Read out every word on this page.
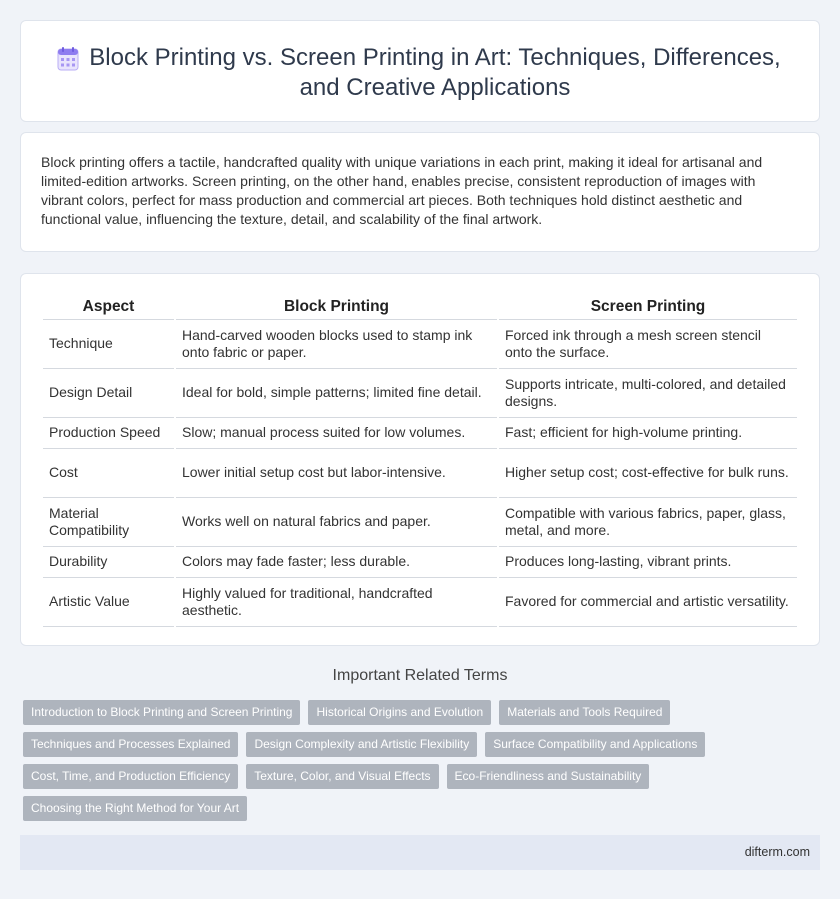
Block Printing vs. Screen Printing in Art: Techniques, Differences, and Creative Applications

Block printing offers a tactile, handcrafted quality with unique variations in each print, making it ideal for artisanal and limited-edition artworks. Screen printing, on the other hand, enables precise, consistent reproduction of images with vibrant colors, perfect for mass production and commercial art pieces. Both techniques hold distinct aesthetic and functional value, influencing the texture, detail, and scalability of the final artwork.

Aspect	Block Printing	Screen Printing
Technique	Hand-carved wooden blocks used to stamp ink onto fabric or paper.	Forced ink through a mesh screen stencil onto the surface.
Design Detail	Ideal for bold, simple patterns; limited fine detail.	Supports intricate, multi-colored, and detailed designs.
Production Speed	Slow; manual process suited for low volumes.	Fast; efficient for high-volume printing.
Cost	Lower initial setup cost but labor-intensive.	Higher setup cost; cost-effective for bulk runs.
Material Compatibility	Works well on natural fabrics and paper.	Compatible with various fabrics, paper, glass, metal, and more.
Durability	Colors may fade faster; less durable.	Produces long-lasting, vibrant prints.
Artistic Value	Highly valued for traditional, handcrafted aesthetic.	Favored for commercial and artistic versatility.
Important Related Terms
Introduction to Block Printing and Screen Printing	Historical Origins and Evolution	Materials and Tools Required
Techniques and Processes Explained	Design Complexity and Artistic Flexibility	Surface Compatibility and Applications
Cost, Time, and Production Efficiency	Texture, Color, and Visual Effects	Eco-Friendliness and Sustainability
Choosing the Right Method for Your Art
difterm.com
